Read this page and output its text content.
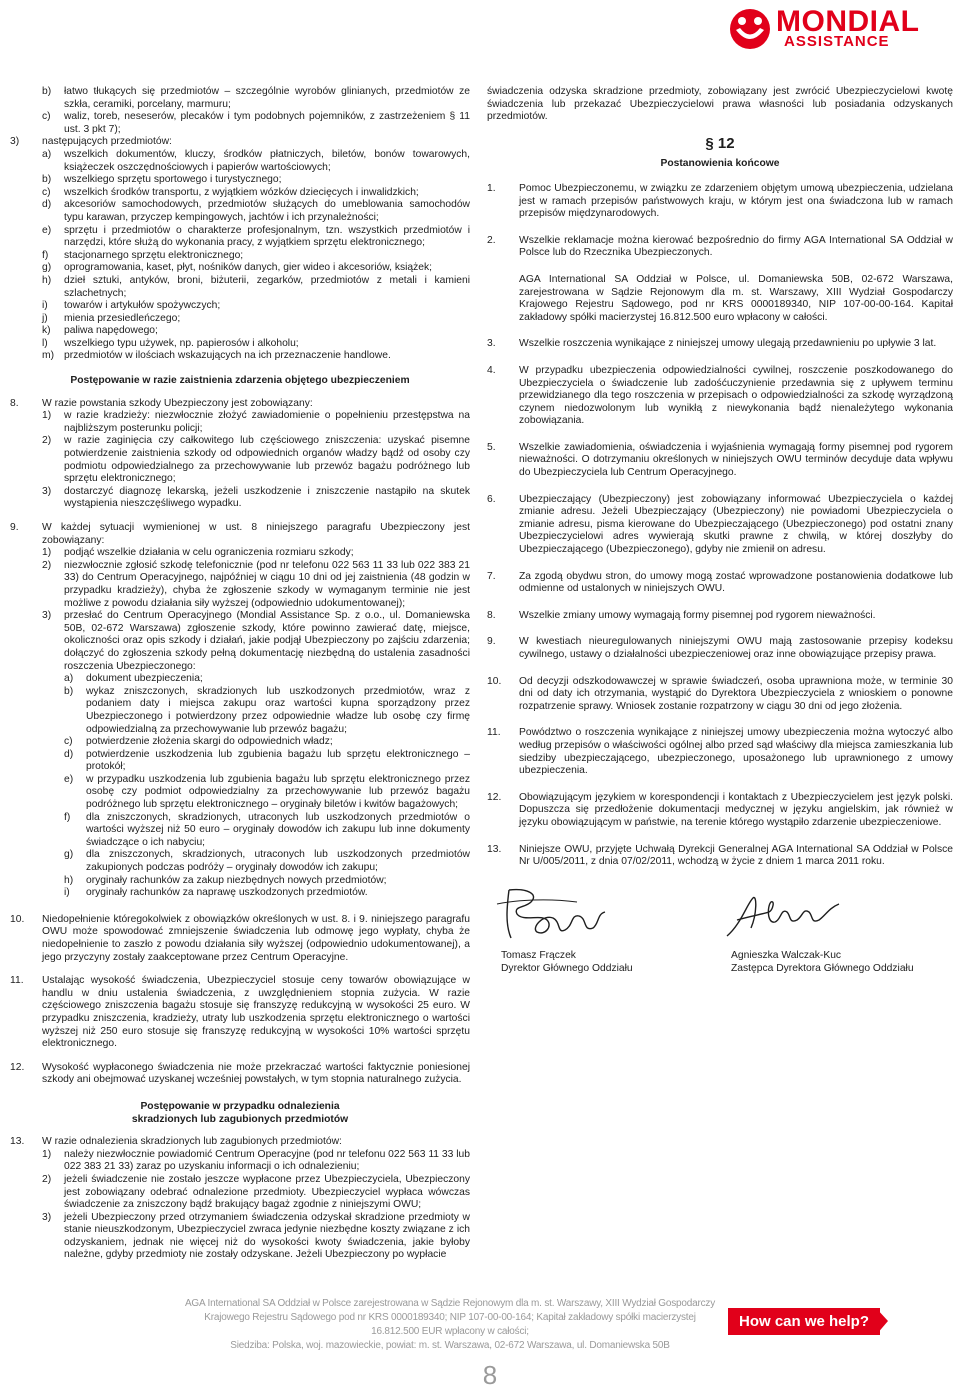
MONDIAL
ASSISTANCE
b)	łatwo tłukących się przedmiotów – szczególnie wyrobów glinianych, przedmiotów ze szkła, ceramiki, porcelany, marmuru;
c)	waliz, toreb, neseserów, plecaków i tym podobnych pojemników, z zastrzeżeniem § 11 ust. 3 pkt 7);
3)	następujących przedmiotów:
a)	wszelkich dokumentów, kluczy, środków płatniczych, biletów, bonów towarowych, książeczek oszczędnościowych i papierów wartościowych;
b)	wszelkiego sprzętu sportowego i turystycznego;
c)	wszelkich środków transportu, z wyjątkiem wózków dziecięcych i inwalidzkich;
d)	akcesoriów samochodowych, przedmiotów służących do umeblowania samochodów typu karawan, przyczep kempingowych, jachtów i ich przynależności;
e)	sprzętu i przedmiotów o charakterze profesjonalnym, tzn. wszystkich przedmiotów i narzędzi, które służą do wykonania pracy, z wyjątkiem sprzętu elektronicznego;
f)	stacjonarnego sprzętu elektronicznego;
g)	oprogramowania, kaset, płyt, nośników danych, gier wideo i akcesoriów, książek;
h)	dzieł sztuki, antyków, broni, biżuterii, zegarków, przedmiotów z metali i kamieni szlachetnych;
i)	towarów i artykułów spożywczych;
j)	mienia przesiedleńczego;
k)	paliwa napędowego;
l)	wszelkiego typu używek, np. papierosów i alkoholu;
m) przedmiotów w ilościach wskazujących na ich przeznaczenie handlowe.
Postępowanie w razie zaistnienia zdarzenia objętego ubezpieczeniem
8.	W razie powstania szkody Ubezpieczony jest zobowiązany:
1)	w razie kradzieży: niezwłocznie złożyć zawiadomienie o popełnieniu przestępstwa na najbliższym posterunku policji;
2)	w razie zaginięcia czy całkowitego lub częściowego zniszczenia: uzyskać pisemne potwierdzenie zaistnienia szkody od odpowiednich organów władzy bądź od osoby czy podmiotu odpowiedzialnego za przechowywanie lub przewóz bagażu podróżnego lub sprzętu elektronicznego;
3)	dostarczyć diagnozę lekarską, jeżeli uszkodzenie i zniszczenie nastąpiło na skutek wystąpienia nieszczęśliwego wypadku.
9.	W każdej sytuacji wymienionej w ust. 8 niniejszego paragrafu Ubezpieczony jest zobowiązany:
1)	podjąć wszelkie działania w celu ograniczenia rozmiaru szkody;
2)	niezwłocznie zgłosić szkodę telefonicznie (pod nr telefonu 022 563 11 33 lub 022 383 21 33) do Centrum Operacyjnego, najpóźniej w ciągu 10 dni od jej zaistnienia (48 godzin w przypadku kradzieży), chyba że zgłoszenie szkody w wymaganym terminie nie jest możliwe z powodu działania siły wyższej (odpowiednio udokumentowanej);
3)	przesłać do Centrum Operacyjnego (Mondial Assistance Sp. z o.o., ul. Domaniewska 50B, 02-672 Warszawa) zgłoszenie szkody, które powinno zawierać datę, miejsce, okoliczności oraz opis szkody i działań, jakie podjął Ubezpieczony po zajściu zdarzenia; dołączyć do zgłoszenia szkody pełną dokumentację niezbędną do ustalenia zasadności roszczenia Ubezpieczonego:
a)	dokument ubezpieczenia;
b)	wykaz zniszczonych, skradzionych lub uszkodzonych przedmiotów, wraz z podaniem daty i miejsca zakupu oraz wartości kupna sporządzony przez Ubezpieczonego i potwierdzony przez odpowiednie władze lub osobę czy firmę odpowiedzialną za przechowywanie lub przewóz bagażu;
c)	potwierdzenie złożenia skargi do odpowiednich władz;
d)	potwierdzenie uszkodzenia lub zgubienia bagażu lub sprzętu elektronicznego – protokół;
e)	w przypadku uszkodzenia lub zgubienia bagażu lub sprzętu elektronicznego przez osobę czy podmiot odpowiedzialny za przechowywanie lub przewóz bagażu podróżnego lub sprzętu elektronicznego – oryginały biletów i kwitów bagażowych;
f)	dla zniszczonych, skradzionych, utraconych lub uszkodzonych przedmiotów o wartości wyższej niż 50 euro – oryginały dowodów ich zakupu lub inne dokumenty świadczące o ich nabyciu;
g)	dla zniszczonych, skradzionych, utraconych lub uszkodzonych przedmiotów zakupionych podczas podróży – oryginały dowodów ich zakupu;
h)	oryginały rachunków za zakup niezbędnych nowych przedmiotów;
i)	oryginały rachunków za naprawę uszkodzonych przedmiotów.
10.	Niedopełnienie któregokolwiek z obowiązków określonych w ust. 8. i 9. niniejszego paragrafu OWU może spowodować zmniejszenie świadczenia lub odmowę jego wypłaty, chyba że niedopełnienie to zaszło z powodu działania siły wyższej (odpowiednio udokumentowanej), a jego przyczyny zostały zaakceptowane przez Centrum Operacyjne.
11.	Ustalając wysokość świadczenia, Ubezpieczyciel stosuje ceny towarów obowiązujące w handlu w dniu ustalenia świadczenia, z uwzględnieniem stopnia zużycia. W razie częściowego zniszczenia bagażu stosuje się franszyzę redukcyjną w wysokości 25 euro. W przypadku zniszczenia, kradzieży, utraty lub uszkodzenia sprzętu elektronicznego o wartości wyższej niż 250 euro stosuje się franszyzę redukcyjną w wysokości 10% wartości sprzętu elektronicznego.
12.	Wysokość wypłaconego świadczenia nie może przekraczać wartości faktycznie poniesionej szkody ani obejmować uzyskanej wcześniej powstałych, w tym stopnia naturalnego zużycia.
Postępowanie w przypadku odnalezienia skradzionych lub zagubionych przedmiotów
13.	W razie odnalezienia skradzionych lub zagubionych przedmiotów:
1)	należy niezwłocznie powiadomić Centrum Operacyjne (pod nr telefonu 022 563 11 33 lub 022 383 21 33) zaraz po uzyskaniu informacji o ich odnalezieniu;
2)	jeżeli świadczenie nie zostało jeszcze wypłacone przez Ubezpieczyciela, Ubezpieczony jest zobowiązany odebrać odnalezione przedmioty. Ubezpieczyciel wypłaca wówczas świadczenie za zniszczony bądź brakujący bagaż zgodnie z niniejszymi OWU;
3)	jeżeli Ubezpieczony przed otrzymaniem świadczenia odzyskał skradzione przedmioty w stanie nieuszkodzonym, Ubezpieczyciel zwraca jedynie niezbędne koszty związane z ich odzyskaniem, jednak nie więcej niż do wysokości kwoty świadczenia, jakie byłoby należne, gdyby przedmioty nie zostały odzyskane. Jeżeli Ubezpieczony po wypłacie
świadczenia odzyska skradzione przedmioty, zobowiązany jest zwrócić Ubezpieczycielowi kwotę świadczenia lub przekazać Ubezpieczycielowi prawa własności lub posiadania odzyskanych przedmiotów.
§ 12
Postanowienia końcowe
1.	Pomoc Ubezpieczonemu, w związku ze zdarzeniem objętym umową ubezpieczenia, udzielana jest w ramach przepisów państwowych kraju, w którym jest ona świadczona lub w ramach przepisów międzynarodowych.
2.	Wszelkie reklamacje można kierować bezpośrednio do firmy AGA International SA Oddział w Polsce lub do Rzecznika Ubezpieczonych.
AGA International SA Oddział w Polsce, ul. Domaniewska 50B, 02-672 Warszawa, zarejestrowana w Sądzie Rejonowym dla m. st. Warszawy, XIII Wydział Gospodarczy Krajowego Rejestru Sądowego, pod nr KRS 0000189340, NIP 107-00-00-164. Kapitał zakładowy spółki macierzystej 16.812.500 euro wpłacony w całości.
3.	Wszelkie roszczenia wynikające z niniejszej umowy ulegają przedawnieniu po upływie 3 lat.
4.	W przypadku ubezpieczenia odpowiedzialności cywilnej, roszczenie poszkodowanego do Ubezpieczyciela o świadczenie lub zadośćuczynienie przedawnia się z upływem terminu przewidzianego dla tego roszczenia w przepisach o odpowiedzialności za szkodę wyrządzoną czynem niedozwolonym lub wynikłą z niewykonania bądź nienależytego wykonania zobowiązania.
5.	Wszelkie zawiadomienia, oświadczenia i wyjaśnienia wymagają formy pisemnej pod rygorem nieważności. O dotrzymaniu określonych w niniejszych OWU terminów decyduje data wpływu do Ubezpieczyciela lub Centrum Operacyjnego.
6.	Ubezpieczający (Ubezpieczony) jest zobowiązany informować Ubezpieczyciela o każdej zmianie adresu. Jeżeli Ubezpieczający (Ubezpieczony) nie powiadomi Ubezpieczyciela o zmianie adresu, pisma kierowane do Ubezpieczającego (Ubezpieczonego) pod ostatni znany Ubezpieczycielowi adres wywierają skutki prawne z chwilą, w której doszłyby do Ubezpieczającego (Ubezpieczonego), gdyby nie zmienił on adresu.
7.	Za zgodą obydwu stron, do umowy mogą zostać wprowadzone postanowienia dodatkowe lub odmienne od ustalonych w niniejszych OWU.
8.	Wszelkie zmiany umowy wymagają formy pisemnej pod rygorem nieważności.
9.	W kwestiach nieuregulowanych niniejszymi OWU mają zastosowanie przepisy kodeksu cywilnego, ustawy o działalności ubezpieczeniowej oraz inne obowiązujące przepisy prawa.
10.	Od decyzji odszkodowawczej w sprawie świadczeń, osoba uprawniona może, w terminie 30 dni od daty ich otrzymania, wystąpić do Dyrektora Ubezpieczyciela z wnioskiem o ponowne rozpatrzenie sprawy. Wniosek zostanie rozpatrzony w ciągu 30 dni od jego złożenia.
11.	Powództwo o roszczenia wynikające z niniejszej umowy ubezpieczenia można wytoczyć albo według przepisów o właściwości ogólnej albo przed sąd właściwy dla miejsca zamieszkania lub siedziby ubezpieczającego, ubezpieczonego, uposażonego lub uprawnionego z umowy ubezpieczenia.
12.	Obowiązującym językiem w korespondencji i kontaktach z Ubezpieczycielem jest język polski. Dopuszcza się przedłożenie dokumentacji medycznej w języku angielskim, jak również w języku obowiązującym w państwie, na terenie którego wystąpiło zdarzenie ubezpieczeniowe.
13.	Niniejsze OWU, przyjęte Uchwałą Dyrekcji Generalnej AGA International SA Oddział w Polsce Nr U/005/2011, z dnia 07/02/2011, wchodzą w życie z dniem 1 marca 2011 roku.
Tomasz Frączek
Dyrektor Głównego Oddziału
Agnieszka Walczak-Kuc
Zastępca Dyrektora Głównego Oddziału
AGA International SA Oddział w Polsce zarejestrowana w Sądzie Rejonowym dla m. st. Warszawy, XIII Wydział Gospodarczy
Krajowego Rejestru Sądowego pod nr KRS 0000189340; NIP 107-00-00-164; Kapitał zakładowy spółki macierzystej 16.812.500 EUR wpłacony w całości;
Siedziba: Polska, woj. mazowieckie, powiat: m. st. Warszawa, 02-672 Warszawa, ul. Domaniewska 50B
How can we help?
8
